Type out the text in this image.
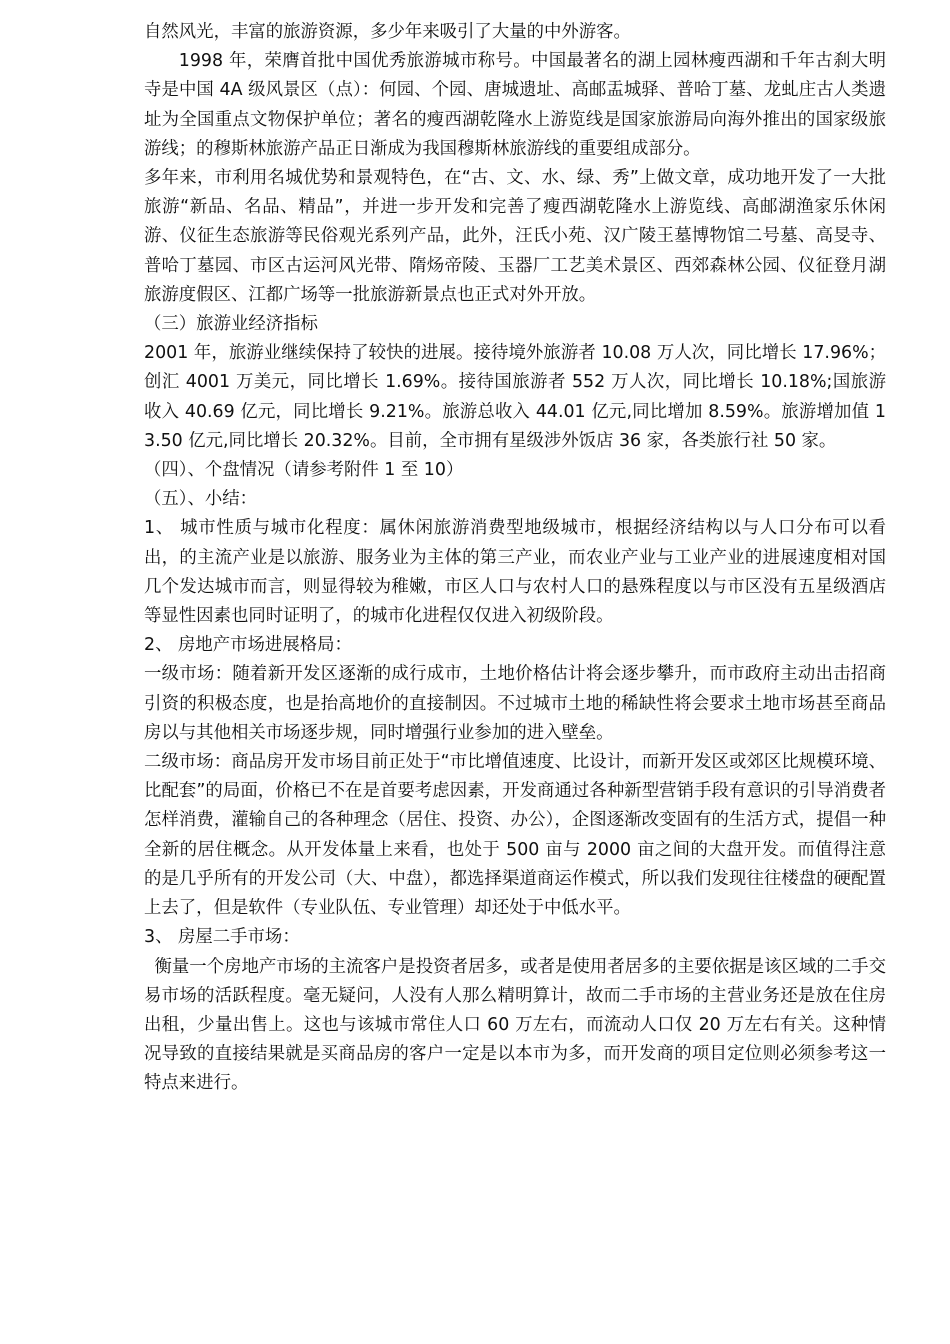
自然风光，丰富的旅游资源，多少年来吸引了大量的中外游客。

1998 年，荣膺首批中国优秀旅游城市称号。中国最著名的湖上园林瘦西湖和千年古刹大明寺是中国 4A 级风景区（点）：何园、个园、唐城遗址、高邮盂城驿、普哈丁墓、龙虬庄古人类遗址为全国重点文物保护单位；著名的瘦西湖乾隆水上游览线是国家旅游局向海外推出的国家级旅游线；的穆斯林旅游产品正日渐成为我国穆斯林旅游线的重要组成部分。

多年来，市利用名城优势和景观特色，在“古、文、水、绿、秀”上做文章，成功地开发了一大批旅游“新品、名品、精品”，并进一步开发和完善了瘦西湖乾隆水上游览线、高邮湖渔家乐休闲游、仪征生态旅游等民俗观光系列产品，此外，汪氏小苑、汉广陵王墓博物馆二号墓、高旻寺、普哈丁墓园、市区古运河风光带、隋炀帝陵、玉器厂工艺美术景区、西郊森林公园、仪征登月湖旅游度假区、江都广场等一批旅游新景点也正式对外开放。

（三）旅游业经济指标

2001 年，旅游业继续保持了较快的进展。接待境外旅游者 10.08 万人次，同比增长 17.96%；创汇 4001 万美元，同比增长 1.69%。接待国旅游者 552 万人次，同比增长 10.18%;国旅游收入 40.69 亿元，同比增长 9.21%。旅游总收入 44.01 亿元,同比增加 8.59%。旅游增加值 13.50 亿元,同比增长 20.32%。目前，全市拥有星级涉外饭店 36 家，各类旅行社 50 家。

（四）、个盘情况（请参考附件 1 至 10）

（五）、小结：

1、 城市性质与城市化程度：属休闲旅游消费型地级城市，根据经济结构以与人口分布可以看出，的主流产业是以旅游、服务业为主体的第三产业，而农业产业与工业产业的进展速度相对国几个发达城市而言，则显得较为稚嫩，市区人口与农村人口的悬殊程度以与市区没有五星级酒店等显性因素也同时证明了，的城市化进程仅仅进入初级阶段。

2、 房地产市场进展格局：

一级市场：随着新开发区逐渐的成行成市，土地价格估计将会逐步攀升，而市政府主动出击招商引资的积极态度，也是抬高地价的直接制因。不过城市土地的稀缺性将会要求土地市场甚至商品房以与其他相关市场逐步规，同时增强行业参加的进入壁垒。

二级市场：商品房开发市场目前正处于“市比增值速度、比设计，而新开发区或郊区比规模环境、比配套”的局面，价格已不在是首要考虑因素，开发商通过各种新型营销手段有意识的引导消费者怎样消费，灌输自己的各种理念（居住、投资、办公），企图逐渐改变固有的生活方式，提倡一种全新的居住概念。从开发体量上来看，也处于 500 亩与 2000 亩之间的大盘开发。而值得注意的是几乎所有的开发公司（大、中盘），都选择渠道商运作模式，所以我们发现往往楼盘的硬配置上去了，但是软件（专业队伍、专业管理）却还处于中低水平。

3、 房屋二手市场：

衡量一个房地产市场的主流客户是投资者居多，或者是使用者居多的主要依据是该区域的二手交易市场的活跃程度。毫无疑问，人没有人那么精明算计，故而二手市场的主营业务还是放在住房出租，少量出售上。这也与该城市常住人口 60 万左右，而流动人口仅 20 万左右有关。这种情况导致的直接结果就是买商品房的客户一定是以本市为多，而开发商的项目定位则必须参考这一特点来进行。
